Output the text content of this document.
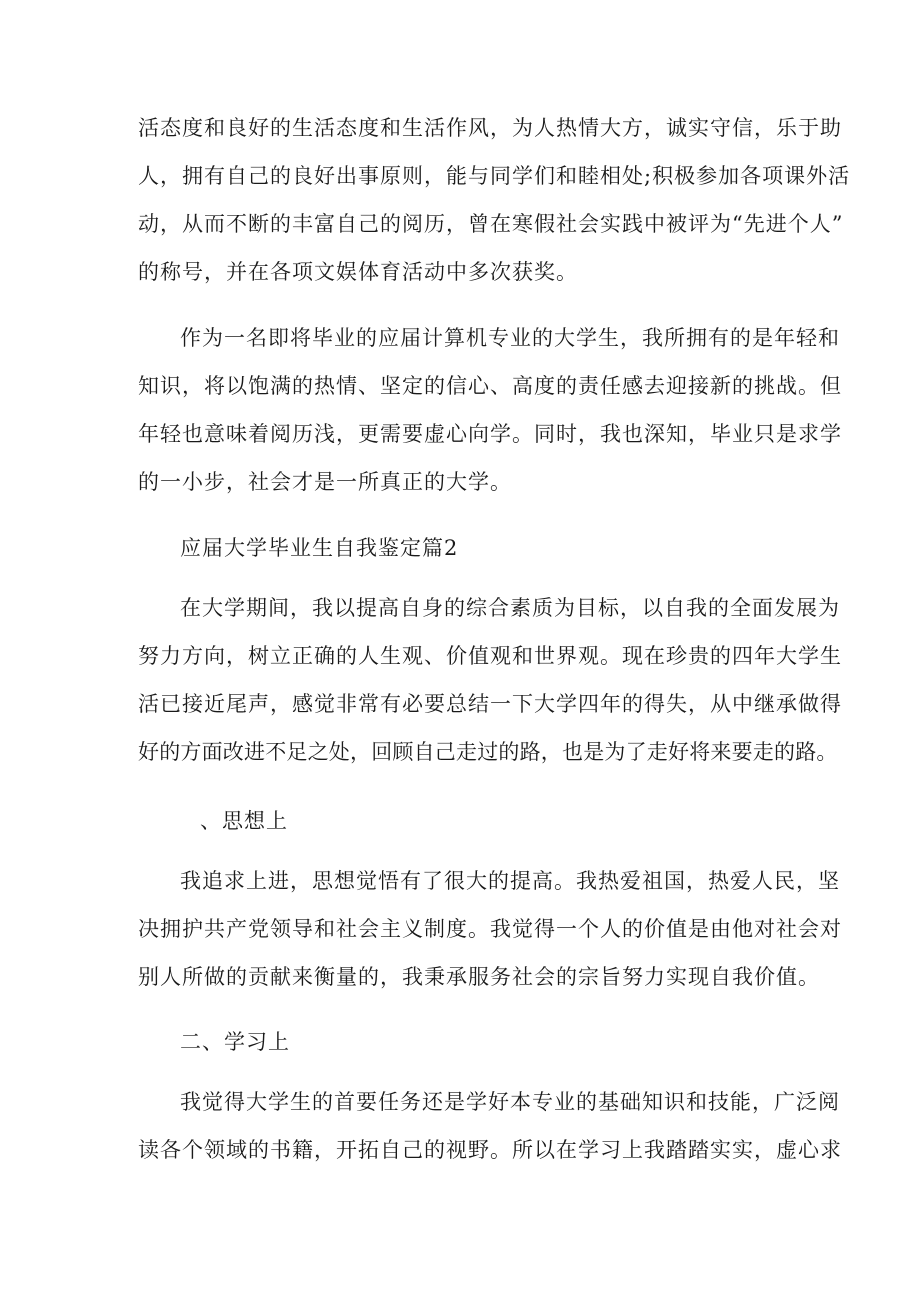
活态度和良好的生活态度和生活作风，为人热情大方，诚实守信，乐于助
人，拥有自己的良好出事原则，能与同学们和睦相处;积极参加各项课外活
动，从而不断的丰富自己的阅历，曾在寒假社会实践中被评为“先进个人”
的称号，并在各项文娱体育活动中多次获奖。

作为一名即将毕业的应届计算机专业的大学生，我所拥有的是年轻和
知识，将以饱满的热情、坚定的信心、高度的责任感去迎接新的挑战。但
年轻也意味着阅历浅，更需要虚心向学。同时，我也深知，毕业只是求学
的一小步，社会才是一所真正的大学。

应届大学毕业生自我鉴定篇2

在大学期间，我以提高自身的综合素质为目标，以自我的全面发展为
努力方向，树立正确的人生观、价值观和世界观。现在珍贵的四年大学生
活已接近尾声，感觉非常有必要总结一下大学四年的得失，从中继承做得
好的方面改进不足之处，回顾自己走过的路，也是为了走好将来要走的路。

、思想上

我追求上进，思想觉悟有了很大的提高。我热爱祖国，热爱人民，坚
决拥护共产党领导和社会主义制度。我觉得一个人的价值是由他对社会对
别人所做的贡献来衡量的，我秉承服务社会的宗旨努力实现自我价值。

二、学习上

我觉得大学生的首要任务还是学好本专业的基础知识和技能，广泛阅
读各个领域的书籍，开拓自己的视野。所以在学习上我踏踏实实，虚心求
